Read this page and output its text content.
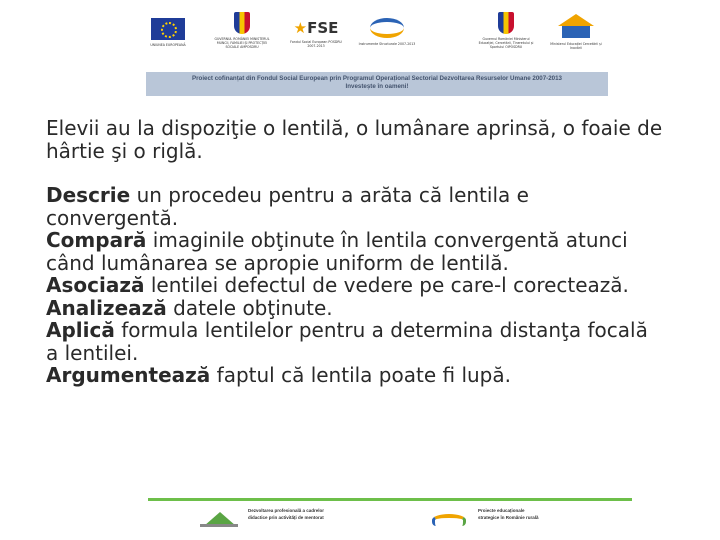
UNIUNEA EUROPEANĂ
GUVERNUL ROMÂNIEI MINISTERUL MUNCII, FAMILIEI ȘI PROTECȚIEI SOCIALE AMPOSDRU
★FSE
Fondul Social European POSDRU 2007-2013	Instrumente Structurale 2007-2013
Guvernul României Ministerul Educației, Cercetării, Tineretului și Sportului OIPOSDRU
Ministerul Educației Cercetării și Inovării
Proiect cofinanțat din Fondul Social European prin Programul Operațional Sectorial Dezvoltarea Resurselor Umane 2007-2013
Investește în oameni!

Elevii au la dispoziţie o lentilă, o lumânare aprinsă, o foaie de hârtie şi o riglă.

Descrie un procedeu pentru a arăta că lentila e convergentă.

Compară imaginile obţinute în lentila convergentă atunci când lumânarea se apropie uniform de lentilă.

Asociază lentilei defectul de vedere pe care-l corectează.

Analizează datele obţinute.

Aplică formula lentilelor pentru a determina distanţa focală a lentilei.

Argumentează faptul că lentila poate fi lupă.

Dezvoltarea profesională a cadrelor
didactice prin activități de mentorat
Proiecte educaționale
strategice în Românie rurală
